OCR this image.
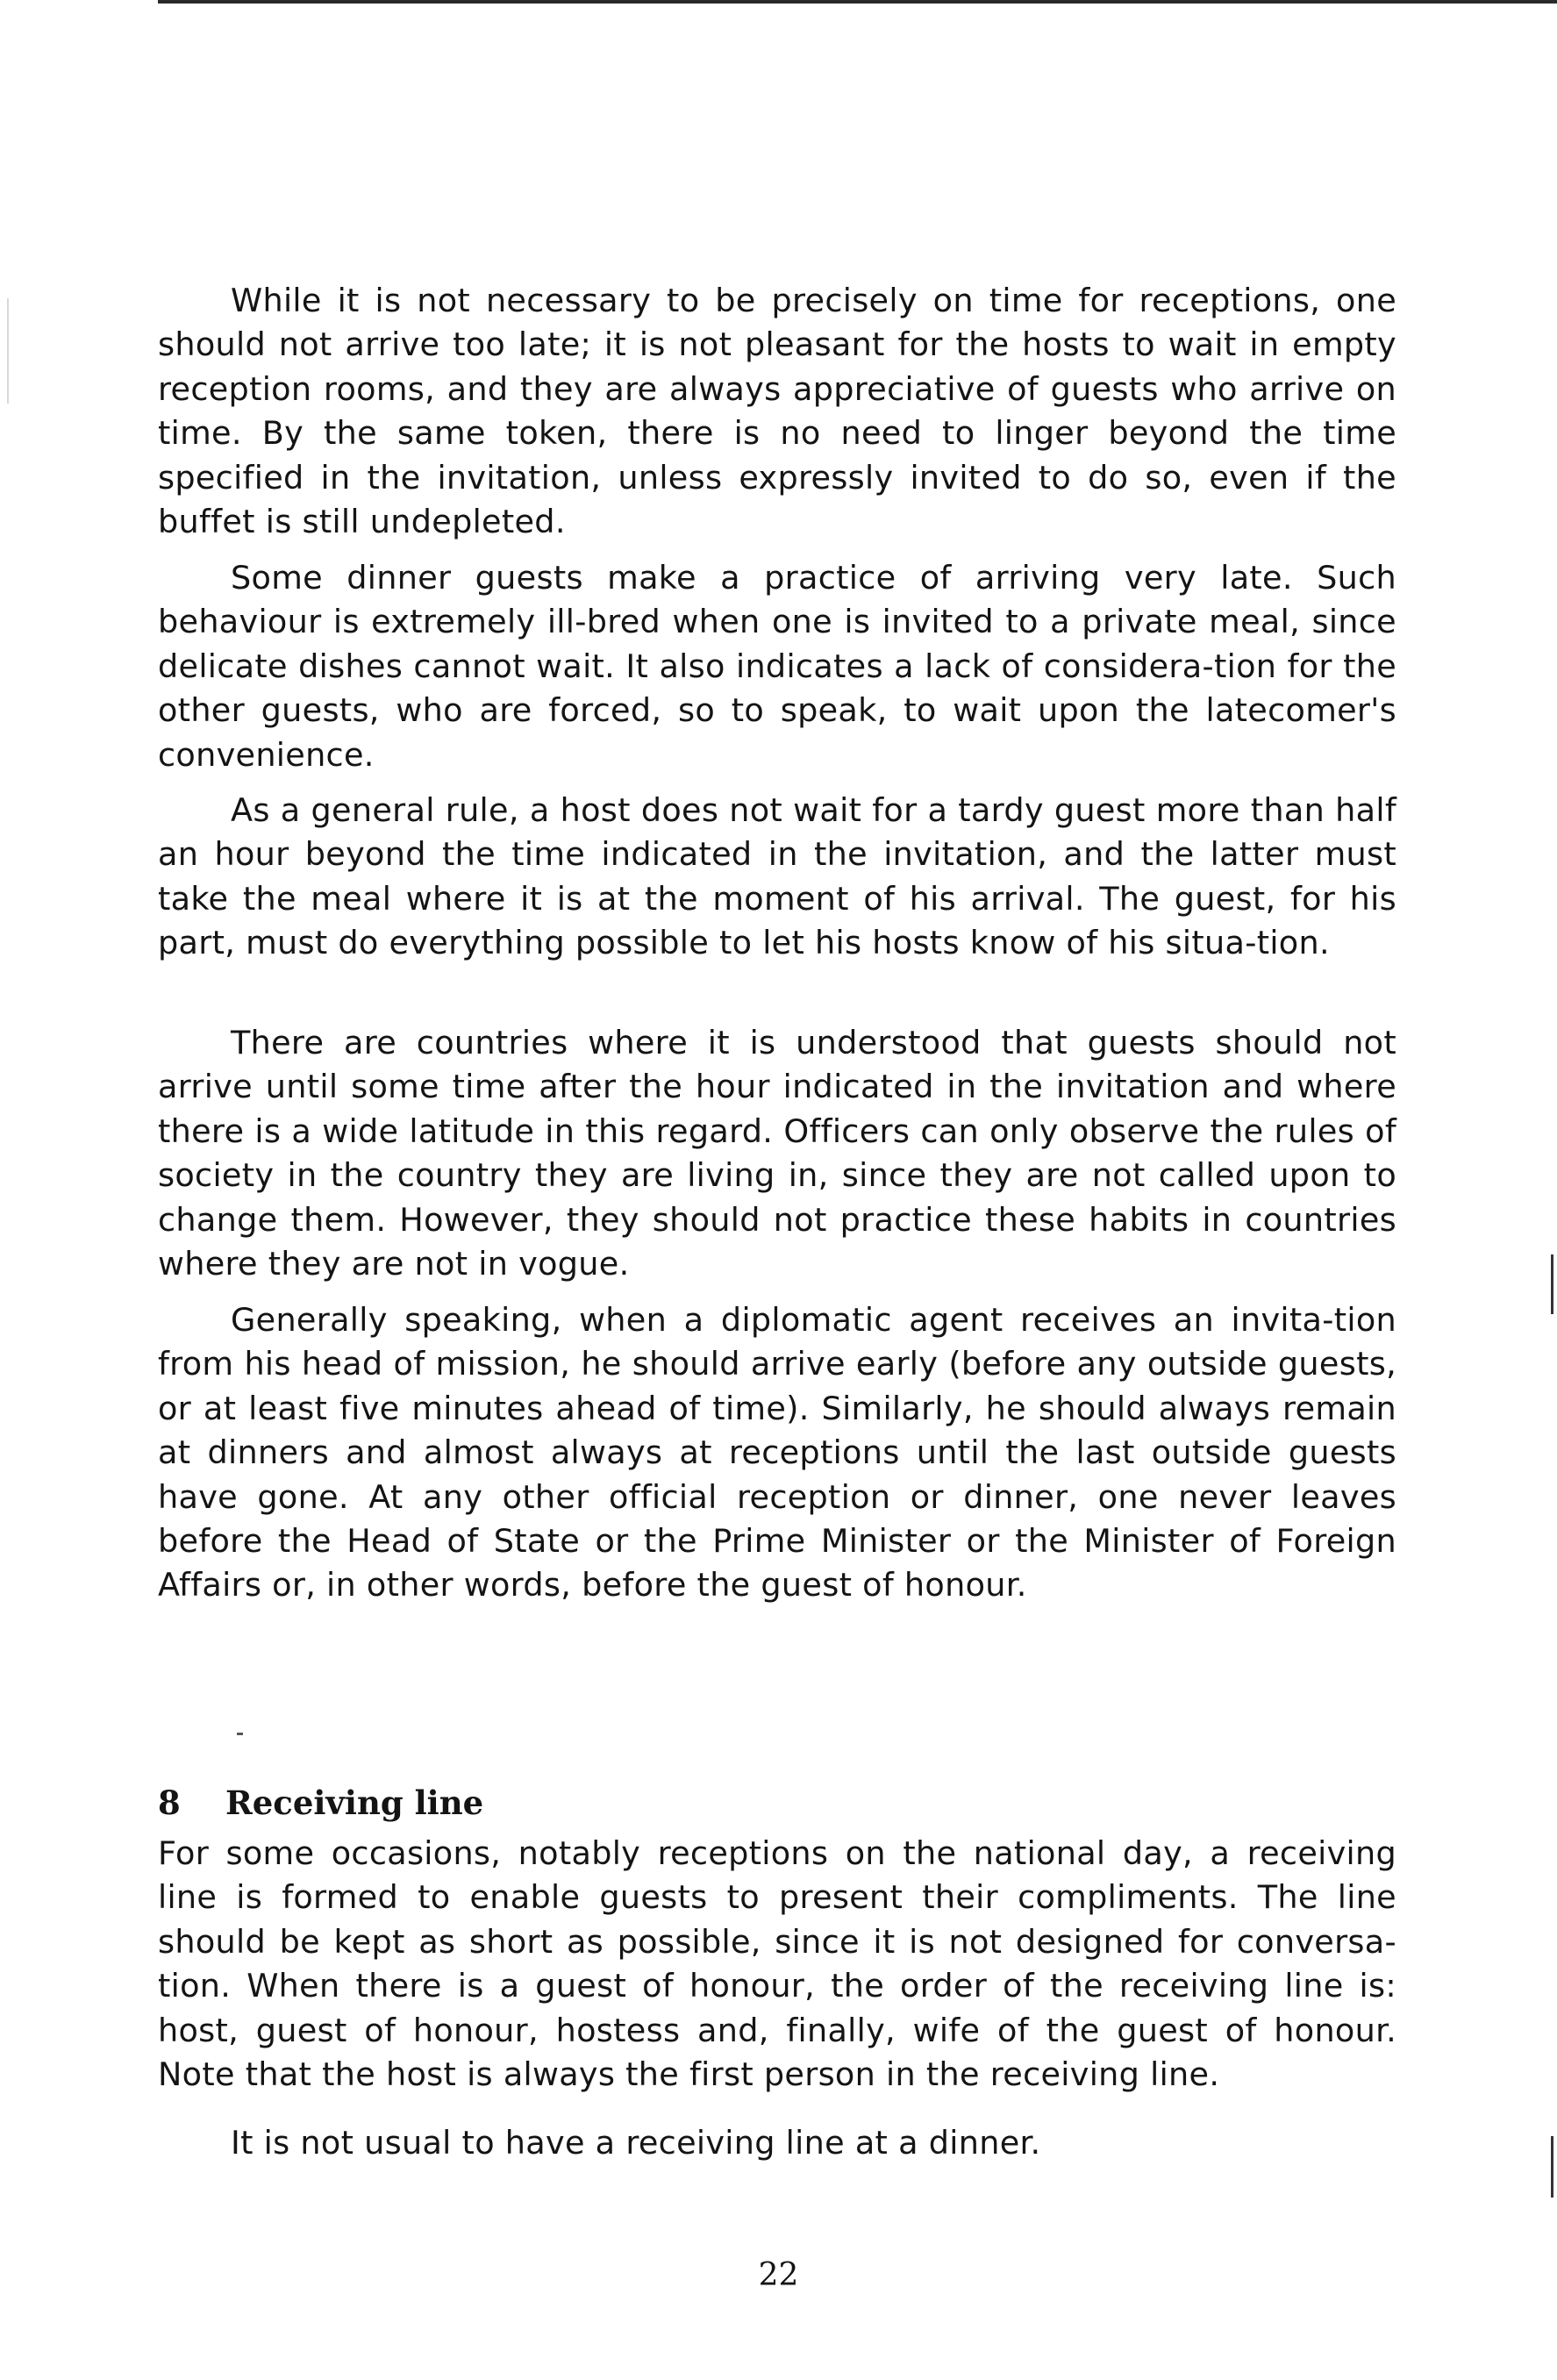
While it is not necessary to be precisely on time for receptions, one should not arrive too late; it is not pleasant for the hosts to wait in empty reception rooms, and they are always appreciative of guests who arrive on time. By the same token, there is no need to linger beyond the time specified in the invitation, unless expressly invited to do so, even if the buffet is still undepleted.

Some dinner guests make a practice of arriving very late. Such behaviour is extremely ill-bred when one is invited to a private meal, since delicate dishes cannot wait. It also indicates a lack of considera-tion for the other guests, who are forced, so to speak, to wait upon the latecomer's convenience.

As a general rule, a host does not wait for a tardy guest more than half an hour beyond the time indicated in the invitation, and the latter must take the meal where it is at the moment of his arrival. The guest, for his part, must do everything possible to let his hosts know of his situa-tion.

There are countries where it is understood that guests should not arrive until some time after the hour indicated in the invitation and where there is a wide latitude in this regard. Officers can only observe the rules of society in the country they are living in, since they are not called upon to change them. However, they should not practice these habits in countries where they are not in vogue.

Generally speaking, when a diplomatic agent receives an invita-tion from his head of mission, he should arrive early (before any outside guests, or at least five minutes ahead of time). Similarly, he should always remain at dinners and almost always at receptions until the last outside guests have gone. At any other official reception or dinner, one never leaves before the Head of State or the Prime Minister or the Minister of Foreign Affairs or, in other words, before the guest of honour.

8 Receiving line

For some occasions, notably receptions on the national day, a receiving line is formed to enable guests to present their compliments. The line should be kept as short as possible, since it is not designed for conversa-tion. When there is a guest of honour, the order of the receiving line is: host, guest of honour, hostess and, finally, wife of the guest of honour. Note that the host is always the first person in the receiving line.

It is not usual to have a receiving line at a dinner.

22
